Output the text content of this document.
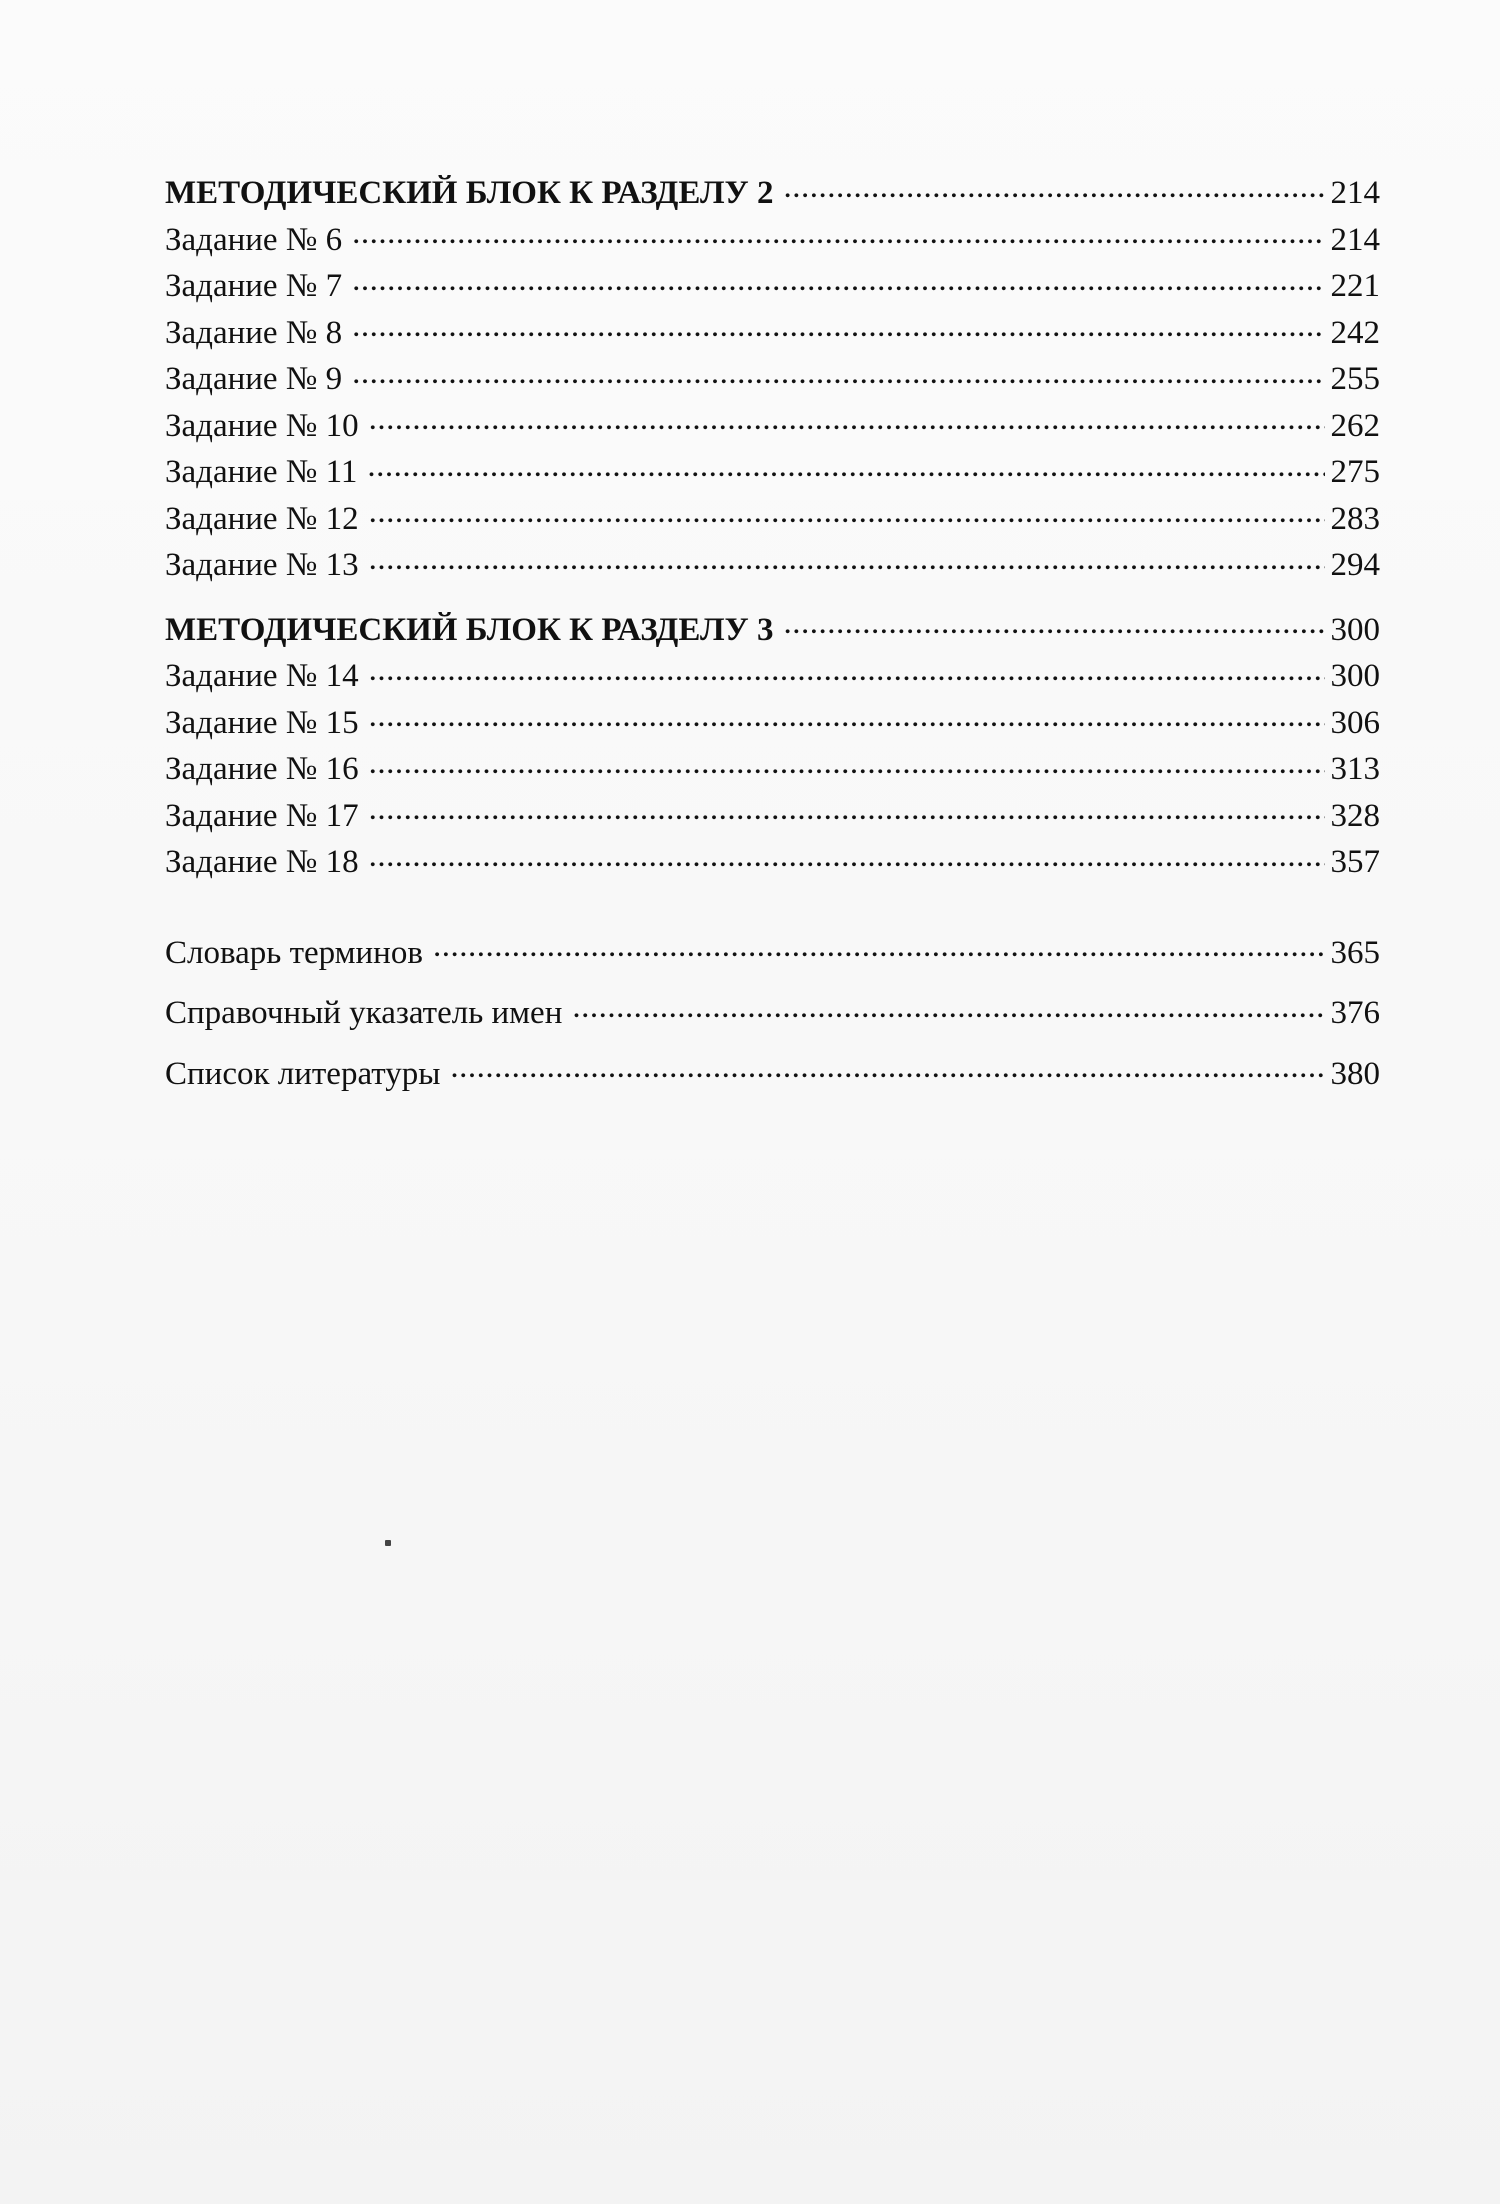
МЕТОДИЧЕСКИЙ БЛОК К РАЗДЕЛУ 2 .....	214
Задание № 6 .....	214
Задание № 7 .....	221
Задание № 8 .....	242
Задание № 9 .....	255
Задание № 10 .....	262
Задание № 11 .....	275
Задание № 12 .....	283
Задание № 13 .....	294
МЕТОДИЧЕСКИЙ БЛОК К РАЗДЕЛУ 3 .....	300
Задание № 14 .....	300
Задание № 15 .....	306
Задание № 16 .....	313
Задание № 17 .....	328
Задание № 18 .....	357
Словарь терминов .....	365
Справочный указатель имен .....	376
Список литературы .....	380
